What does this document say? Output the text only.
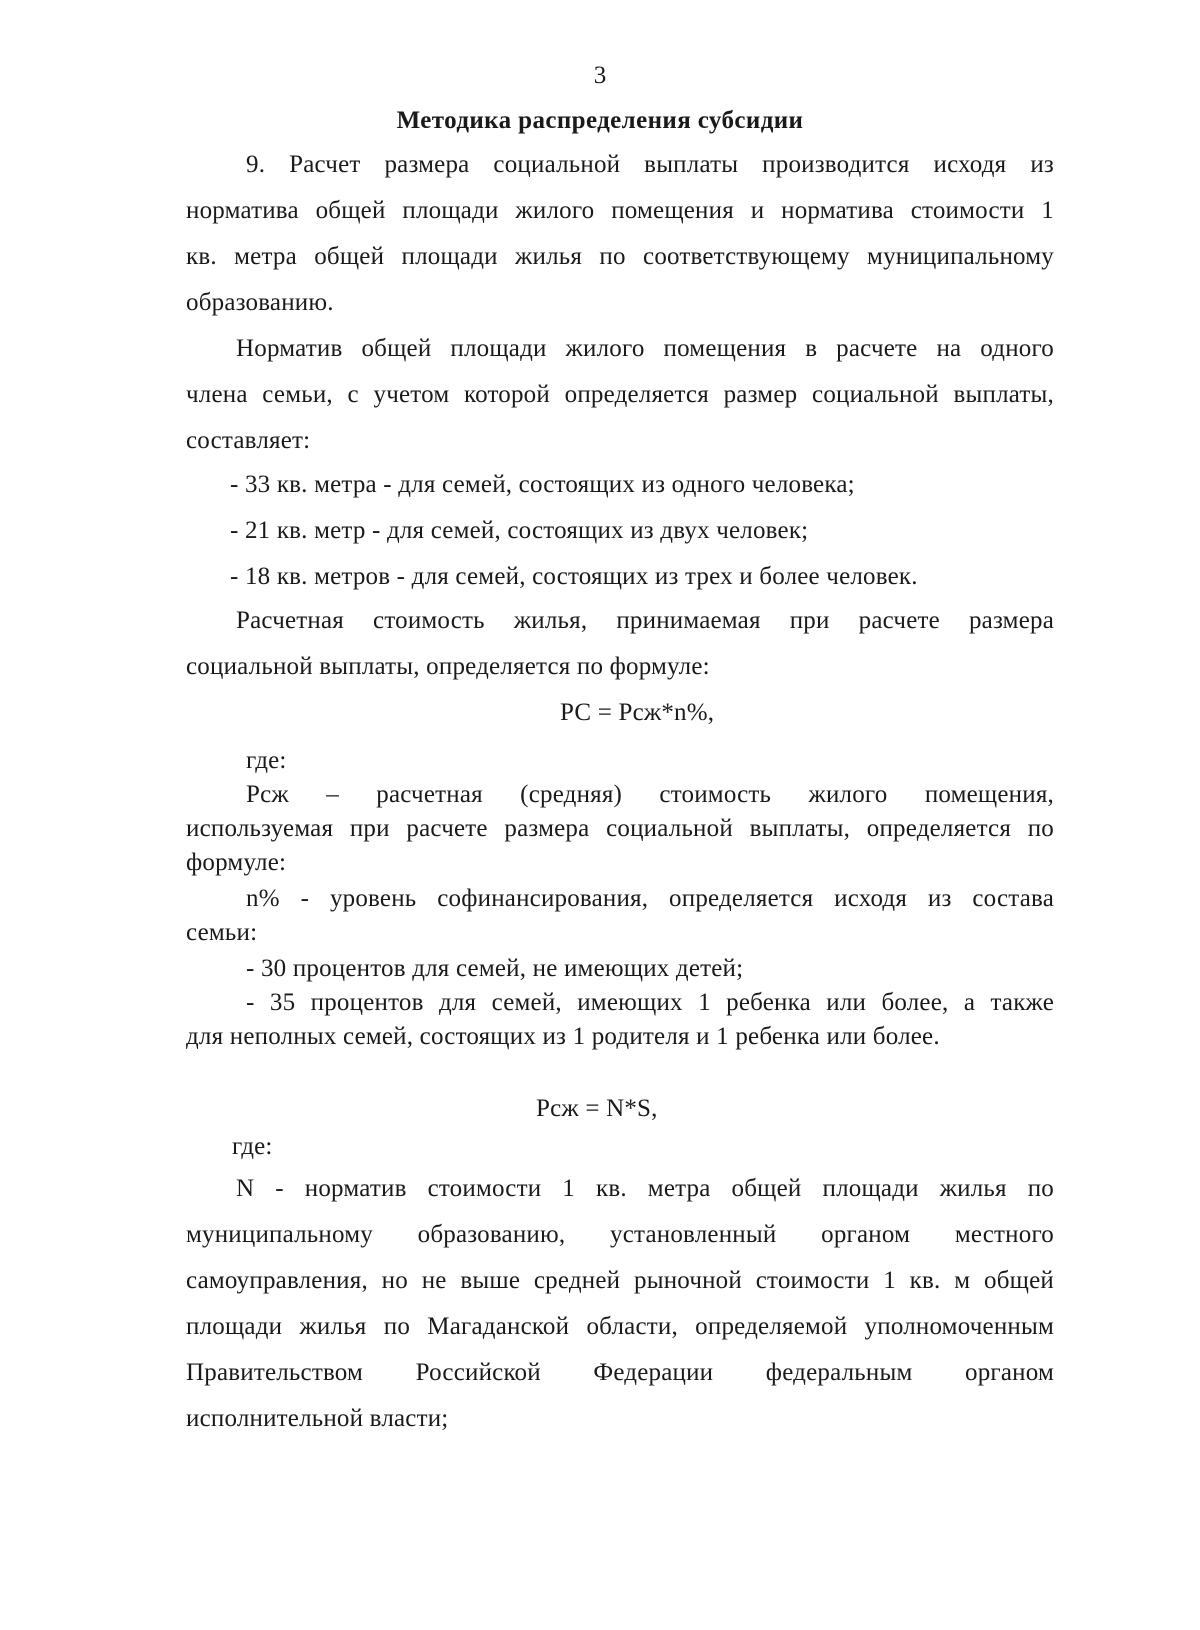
3
Методика распределения субсидии
9. Расчет размера социальной выплаты производится исходя из
норматива общей площади жилого помещения и норматива стоимости 1
кв. метра общей площади жилья по соответствующему муниципальному
образованию.
Норматив общей площади жилого помещения в расчете на одного
члена семьи, с учетом которой определяется размер социальной выплаты,
составляет:
- 33 кв. метра - для семей, состоящих из одного человека;
- 21 кв. метр - для семей, состоящих из двух человек;
- 18 кв. метров - для семей, состоящих из трех и более человек.
Расчетная стоимость жилья, принимаемая при расчете размера
социальной выплаты, определяется по формуле:
РС = Рсж*n%,
где:
Рсж – расчетная (средняя) стоимость жилого помещения,
используемая при расчете размера социальной выплаты, определяется по
формуле:
n% - уровень софинансирования, определяется исходя из состава
семьи:
- 30 процентов для семей, не имеющих детей;
- 35 процентов для семей, имеющих 1 ребенка или более, а также
для неполных семей, состоящих из 1 родителя и 1 ребенка или более.
Рсж = N*S,
где:
N - норматив стоимости 1 кв. метра общей площади жилья по
муниципальному образованию, установленный органом местного
самоуправления, но не выше средней рыночной стоимости 1 кв. м общей
площади жилья по Магаданской области, определяемой уполномоченным
Правительством Российской Федерации федеральным органом
исполнительной власти;
